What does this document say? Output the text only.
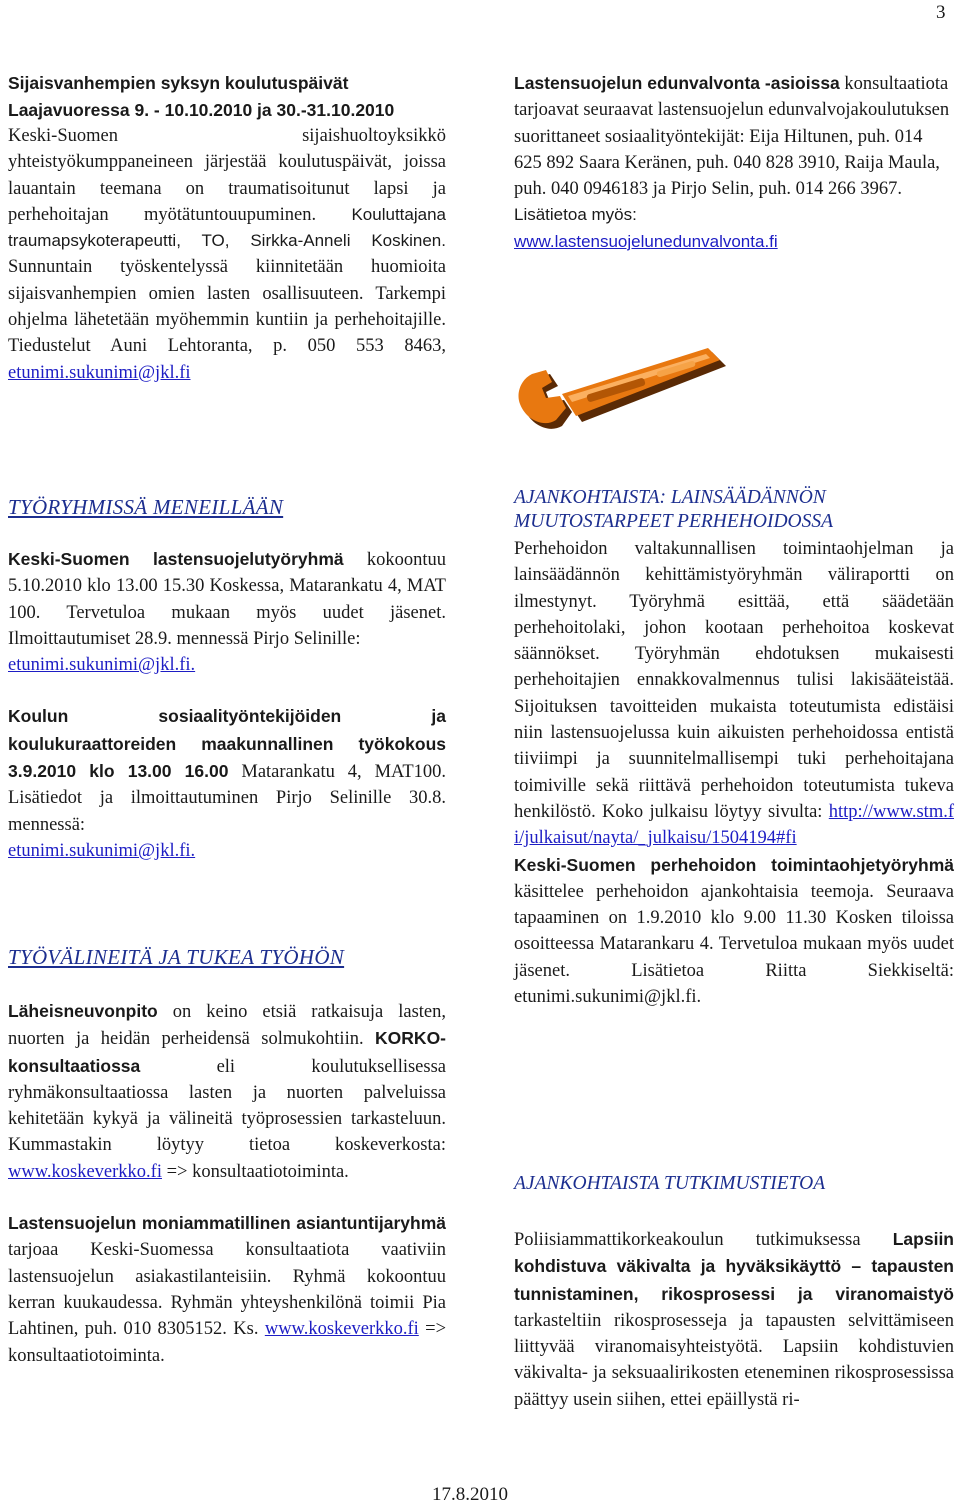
3

Sijaisvanhempien syksyn koulutuspäivät Laajavuoressa 9. - 10.10.2010 ja 30.-31.10.2010

Keski-Suomen sijaishuoltoyksikkö yhteistyökumppaneineen järjestää koulutuspäivät, joissa lauantain teemana on traumatisoitunut lapsi ja perhehoitajan myötätuntouupuminen. Kouluttajana traumapsykoterapeutti, TO, Sirkka-Anneli Koskinen. Sunnuntain työskentelyssä kiinnitetään huomioita sijaisvanhempien omien lasten osallisuuteen. Tarkempi ohjelma lähetetään myöhemmin kuntiin ja perhehoitajille. Tiedustelut Auni Lehtoranta, p. 050 553 8463, etunimi.sukunimi@jkl.fi

Lastensuojelun edunvalvonta -asioissa konsultaatiota tarjoavat seuraavat lastensuojelun edunvalvojakoulutuksen suorittaneet sosiaalityöntekijät: Eija Hiltunen, puh. 014 625 892 Saara Keränen, puh. 040 828 3910, Raija Maula, puh. 040 0946183 ja Pirjo Selin, puh. 014 266 3967. Lisätietoa myös:
www.lastensuojelunedunvalvonta.fi

TYÖRYHMISSÄ MENEILLÄÄN

Keski-Suomen lastensuojelutyöryhmä kokoontuu 5.10.2010 klo 13.00 15.30 Koskessa, Matarankatu 4, MAT 100. Tervetuloa mukaan myös uudet jäsenet. Ilmoittautumiset 28.9. mennessä Pirjo Selinille:
etunimi.sukunimi@jkl.fi.

Koulun sosiaalityöntekijöiden ja koulukuraattoreiden maakunnallinen työkokous 3.9.2010 klo 13.00 16.00 Matarankatu 4, MAT100. Lisätiedot ja ilmoittautuminen Pirjo Selinille 30.8. mennessä:
etunimi.sukunimi@jkl.fi.

TYÖVÄLINEITÄ JA TUKEA TYÖHÖN

Läheisneuvonpito on keino etsiä ratkaisuja lasten, nuorten ja heidän perheidensä solmukohtiin. KORKO-konsultaatiossa	eli koulutuksellisessa ryhmäkonsultaatiossa lasten ja nuorten palveluissa kehitetään kykyä ja välineitä työprosessien tarkasteluun. Kummastakin löytyy tietoa koskeverkosta: www.koskeverkko.fi => konsultaatiotoiminta.

Lastensuojelun moniammatillinen asiantuntijaryhmä tarjoaa Keski-Suomessa konsultaatiota vaativiin lastensuojelun asiakastilanteisiin. Ryhmä kokoontuu kerran kuukaudessa. Ryhmän yhteyshenkilönä toimii Pia Lahtinen, puh. 010 8305152. Ks. www.koskeverkko.fi => konsultaatiotoiminta.

AJANKOHTAISTA: LAINSÄÄDÄNNÖN MUUTOSTARPEET PERHEHOIDOSSA

Perhehoidon valtakunnallisen toimintaohjelman ja lainsäädännön kehittämistyöryhmän väliraportti on ilmestynyt. Työryhmä esittää, että säädetään perhehoitolaki, johon kootaan perhehoitoa koskevat säännökset. Työryhmän ehdotuksen mukaisesti perhehoitajien ennakkovalmennus tulisi lakisääteistää. Sijoituksen tavoitteiden mukaista toteutumista edistäisi niin lastensuojelussa kuin aikuisten perhehoidossa entistä tiiviimpi ja suunnitelmallisempi tuki perhehoitajana toimiville sekä riittävä perhehoidon toteutumista tukeva henkilöstö. Koko julkaisu löytyy sivulta: http://www.stm.fi/julkaisut/nayta/_julkaisu/1504194#fi

Keski-Suomen perhehoidon toimintaohjetyöryhmä käsittelee perhehoidon ajankohtaisia teemoja. Seuraava tapaaminen on 1.9.2010 klo 9.00 11.30 Kosken tiloissa osoitteessa Matarankaru 4. Tervetuloa mukaan myös uudet jäsenet. Lisätietoa Riitta Siekkiseltä: etunimi.sukunimi@jkl.fi.

AJANKOHTAISTA TUTKIMUSTIETOA

Poliisiammattikorkeakoulun tutkimuksessa Lapsiin kohdistuva väkivalta ja hyväksikäyttö – tapausten tunnistaminen, rikosprosessi ja viranomaistyö tarkasteltiin rikosprosesseja ja tapausten selvittämiseen liittyvää viranomaisyhteistyötä. Lapsiin kohdistuvien väkivalta- ja seksuaalirikosten eteneminen rikosprosessissa päättyy usein siihen, ettei epäillystä ri-

17.8.2010
